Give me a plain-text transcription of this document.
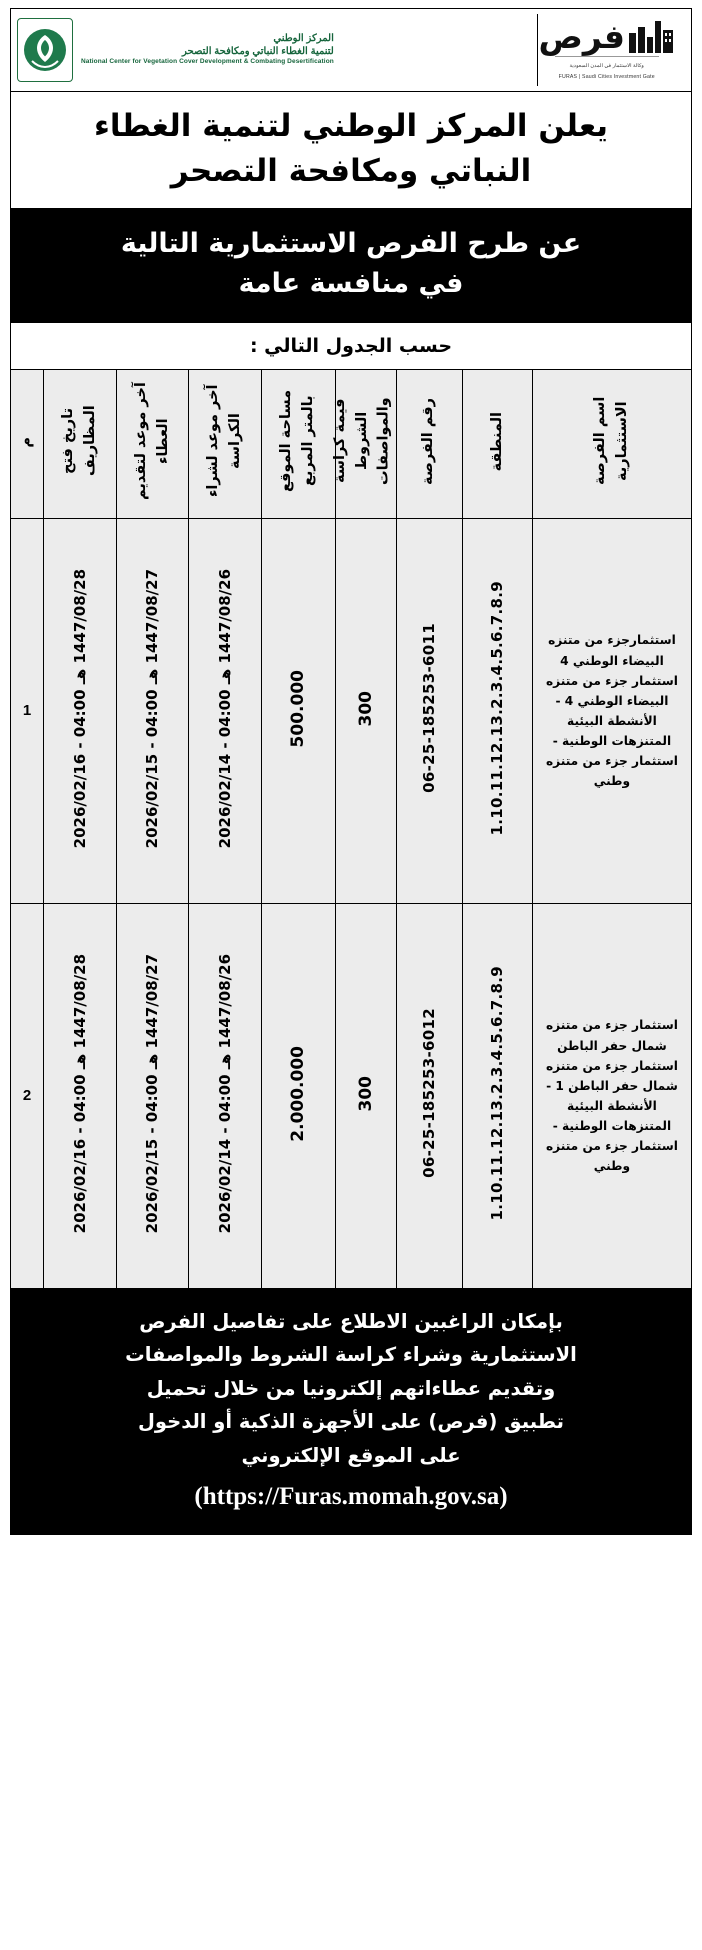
المركز الوطني
لتنمية الغطاء النباتي ومكافحة التصحر
National Center for Vegetation Cover Development & Combating Desertification
فرص
وكالة الاستثمار في المدن السعودية
FURAS | Saudi Cities Investment Gate
يعلن المركز الوطني لتنمية الغطاء
النباتي ومكافحة التصحر
عن طرح الفرص الاستثمارية التالية
في منافسة عامة
حسب الجدول التالي :
اسم الفرصة الاستثمارية	المنطقة	رقم الفرصة	قيمة كراسة الشروط والمواصفات	مساحة الموقع بالمتر المربع	آخر موعد لشراء الكراسة	آخر موعد لتقديم العطاء	تاريخ فتح المظاريف	م
استثمارجزء من متنزه البيضاء الوطني 4 استثمار جزء من متنزه البيضاء الوطني 4 - الأنشطة البيئية المتنزهات الوطنية - استثمار جزء من متنزه وطني	1.10.11.12.13.2.3.4.5.6.7.8.9	06-25-185253-6011	300	500.000	1447/08/26 هـ 04:00 - 2026/02/14	1447/08/27 هـ 04:00 - 2026/02/15	1447/08/28 هـ 04:00 - 2026/02/16	1
استثمار جزء من متنزه شمال حفر الباطن استثمار جزء من متنزه شمال حفر الباطن 1 - الأنشطة البيئية المتنزهات الوطنية - استثمار جزء من متنزه وطني	1.10.11.12.13.2.3.4.5.6.7.8.9	06-25-185253-6012	300	2.000.000	1447/08/26 هـ 04:00 - 2026/02/14	1447/08/27 هـ 04:00 - 2026/02/15	1447/08/28 هـ 04:00 - 2026/02/16	2
بإمكان الراغبين الاطلاع على تفاصيل الفرص
الاستثمارية وشراء كراسة الشروط والمواصفات
وتقديم عطاءاتهم إلكترونيا من خلال تحميل
تطبيق (فرص) على الأجهزة الذكية أو الدخول
على الموقع الإلكتروني
(https://Furas.momah.gov.sa)
